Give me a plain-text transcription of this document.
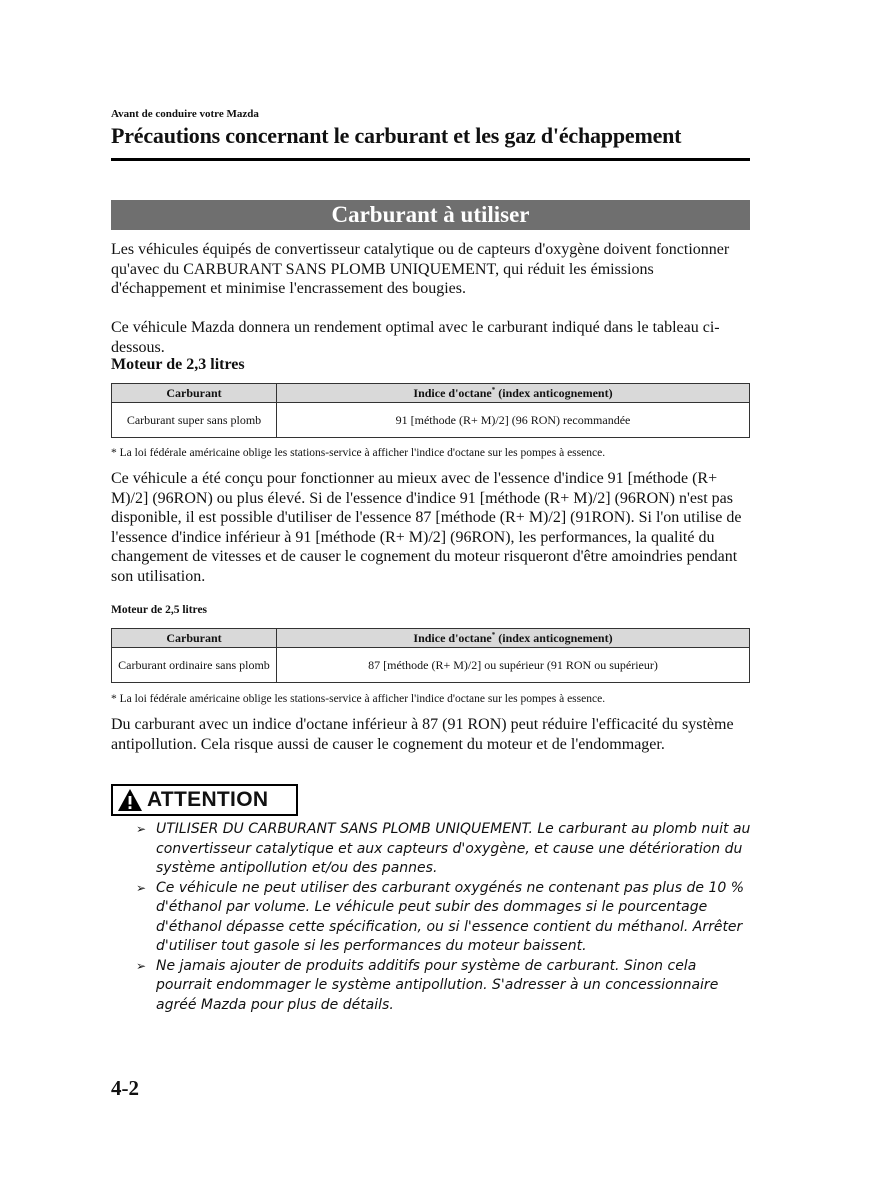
Avant de conduire votre Mazda
Précautions concernant le carburant et les gaz d'échappement
Carburant à utiliser
Les véhicules équipés de convertisseur catalytique ou de capteurs d'oxygène doivent fonctionner qu'avec du CARBURANT SANS PLOMB UNIQUEMENT, qui réduit les émissions d'échappement et minimise l'encrassement des bougies.
Ce véhicule Mazda donnera un rendement optimal avec le carburant indiqué dans le tableau ci-dessous.
Moteur de 2,3 litres
Carburant	Indice d'octane* (index anticognement)
Carburant super sans plomb	91 [méthode (R+ M)/2] (96 RON) recommandée
* La loi fédérale américaine oblige les stations-service à afficher l'indice d'octane sur les pompes à essence.
Ce véhicule a été conçu pour fonctionner au mieux avec de l'essence d'indice 91 [méthode (R+ M)/2] (96RON) ou plus élevé. Si de l'essence d'indice 91 [méthode (R+ M)/2] (96RON) n'est pas disponible, il est possible d'utiliser de l'essence 87 [méthode (R+ M)/2] (91RON). Si l'on utilise de l'essence d'indice inférieur à 91 [méthode (R+ M)/2] (96RON), les performances, la qualité du changement de vitesses et de causer le cognement du moteur risqueront d'être amoindries pendant son utilisation.
Moteur de 2,5 litres
Carburant	Indice d'octane* (index anticognement)
Carburant ordinaire sans plomb	87 [méthode (R+ M)/2] ou supérieur (91 RON ou supérieur)
* La loi fédérale américaine oblige les stations-service à afficher l'indice d'octane sur les pompes à essence.
Du carburant avec un indice d'octane inférieur à 87 (91 RON) peut réduire l'efficacité du système antipollution. Cela risque aussi de causer le cognement du moteur et de l'endommager.
ATTENTION
➢ UTILISER DU CARBURANT SANS PLOMB UNIQUEMENT. Le carburant au plomb nuit au convertisseur catalytique et aux capteurs d'oxygène, et cause une détérioration du système antipollution et/ou des pannes.
➢ Ce véhicule ne peut utiliser des carburant oxygénés ne contenant pas plus de 10 % d'éthanol par volume. Le véhicule peut subir des dommages si le pourcentage d'éthanol dépasse cette spécification, ou si l'essence contient du méthanol. Arrêter d'utiliser tout gasole si les performances du moteur baissent.
➢ Ne jamais ajouter de produits additifs pour système de carburant. Sinon cela pourrait endommager le système antipollution. S'adresser à un concessionnaire agréé Mazda pour plus de détails.
4-2
